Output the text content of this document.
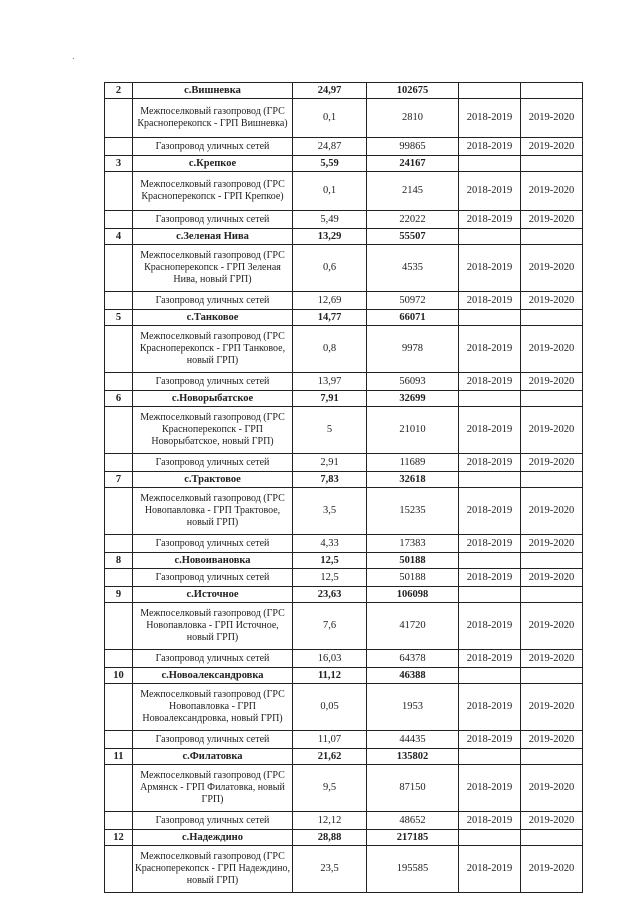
.
2	с.Вишневка	24,97	102675		
	Межпоселковый газопровод (ГРС Красноперекопск - ГРП Вишневка)	0,1	2810	2018-2019	2019-2020
	Газопровод уличных сетей	24,87	99865	2018-2019	2019-2020
3	с.Крепкое	5,59	24167		
	Межпоселковый газопровод (ГРС Красноперекопск - ГРП Крепкое)	0,1	2145	2018-2019	2019-2020
	Газопровод уличных сетей	5,49	22022	2018-2019	2019-2020
4	с.Зеленая Нива	13,29	55507		
	Межпоселковый газопровод (ГРС Красноперекопск - ГРП Зеленая Нива, новый ГРП)	0,6	4535	2018-2019	2019-2020
	Газопровод уличных сетей	12,69	50972	2018-2019	2019-2020
5	с.Танковое	14,77	66071		
	Межпоселковый газопровод (ГРС Красноперекопск - ГРП Танковое, новый ГРП)	0,8	9978	2018-2019	2019-2020
	Газопровод уличных сетей	13,97	56093	2018-2019	2019-2020
6	с.Новорыбатское	7,91	32699		
	Межпоселковый газопровод (ГРС Красноперекопск - ГРП Новорыбатское, новый ГРП)	5	21010	2018-2019	2019-2020
	Газопровод уличных сетей	2,91	11689	2018-2019	2019-2020
7	с.Трактовое	7,83	32618		
	Межпоселковый газопровод (ГРС Новопавловка - ГРП Трактовое, новый ГРП)	3,5	15235	2018-2019	2019-2020
	Газопровод уличных сетей	4,33	17383	2018-2019	2019-2020
8	с.Новоивановка	12,5	50188		
	Газопровод уличных сетей	12,5	50188	2018-2019	2019-2020
9	с.Источное	23,63	106098		
	Межпоселковый газопровод (ГРС Новопавловка - ГРП Источное, новый ГРП)	7,6	41720	2018-2019	2019-2020
	Газопровод уличных сетей	16,03	64378	2018-2019	2019-2020
10	с.Новоалександровка	11,12	46388		
	Межпоселковый газопровод (ГРС Новопавловка - ГРП Новоалександровка, новый ГРП)	0,05	1953	2018-2019	2019-2020
	Газопровод уличных сетей	11,07	44435	2018-2019	2019-2020
11	с.Филатовка	21,62	135802		
	Межпоселковый газопровод (ГРС Армянск - ГРП Филатовка, новый ГРП)	9,5	87150	2018-2019	2019-2020
	Газопровод уличных сетей	12,12	48652	2018-2019	2019-2020
12	с.Надеждино	28,88	217185		
	Межпоселковый газопровод (ГРС Красноперекопск - ГРП Надеждино, новый ГРП)	23,5	195585	2018-2019	2019-2020
